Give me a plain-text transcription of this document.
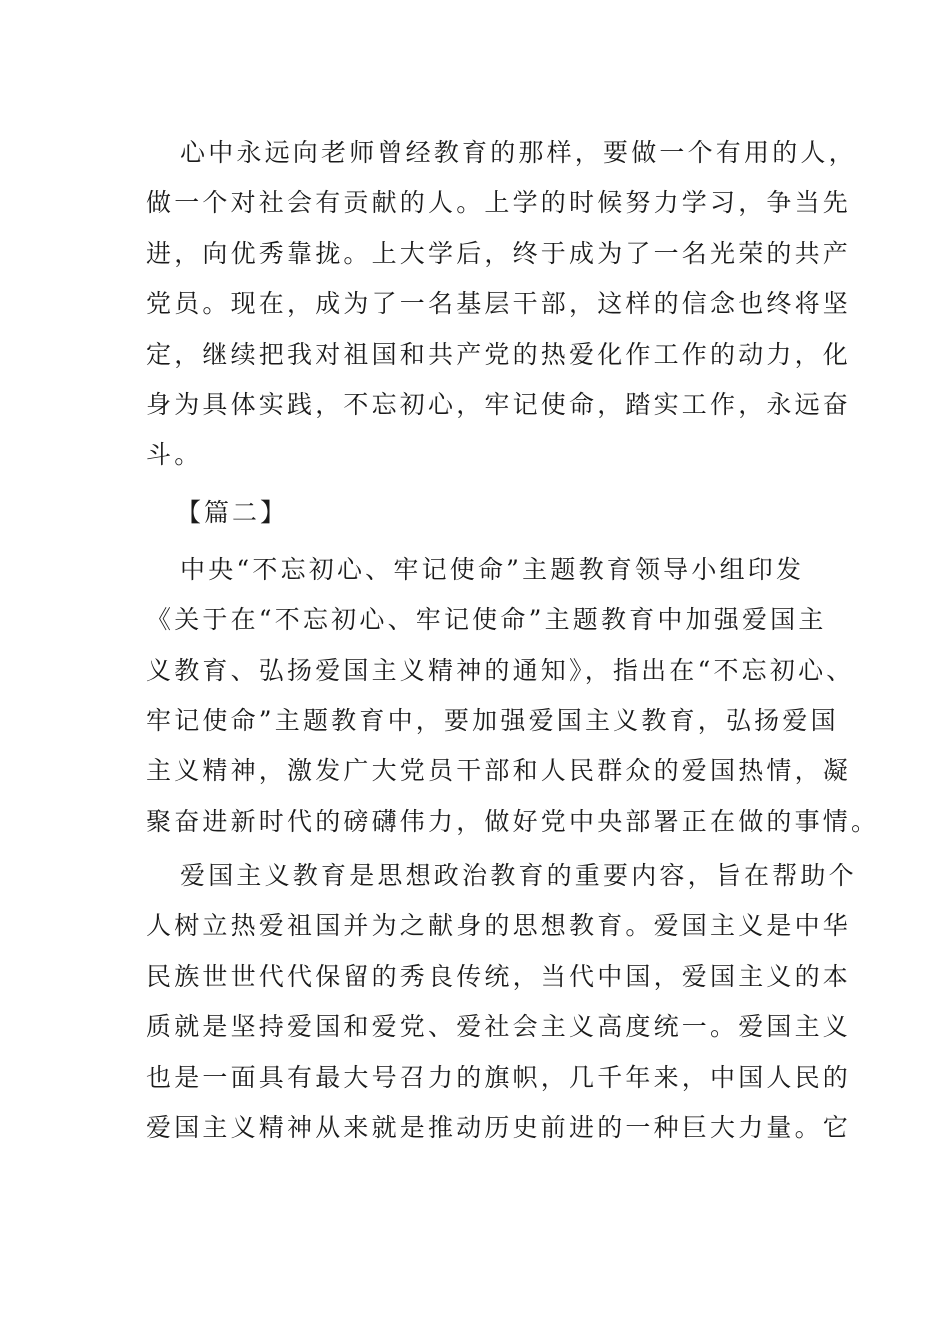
心中永远向老师曾经教育的那样，要做一个有用的人，
做一个对社会有贡献的人。上学的时候努力学习，争当先
进，向优秀靠拢。上大学后，终于成为了一名光荣的共产
党员。现在，成为了一名基层干部，这样的信念也终将坚
定，继续把我对祖国和共产党的热爱化作工作的动力，化
身为具体实践，不忘初心，牢记使命，踏实工作，永远奋
斗。
【篇二】
中央“不忘初心、牢记使命”主题教育领导小组印发
《关于在“不忘初心、牢记使命”主题教育中加强爱国主
义教育、弘扬爱国主义精神的通知》，指出在“不忘初心、
牢记使命”主题教育中，要加强爱国主义教育，弘扬爱国
主义精神，激发广大党员干部和人民群众的爱国热情，凝
聚奋进新时代的磅礴伟力，做好党中央部署正在做的事情。
爱国主义教育是思想政治教育的重要内容，旨在帮助个
人树立热爱祖国并为之献身的思想教育。爱国主义是中华
民族世世代代保留的秀良传统，当代中国，爱国主义的本
质就是坚持爱国和爱党、爱社会主义高度统一。爱国主义
也是一面具有最大号召力的旗帜，几千年来，中国人民的
爱国主义精神从来就是推动历史前进的一种巨大力量。它
